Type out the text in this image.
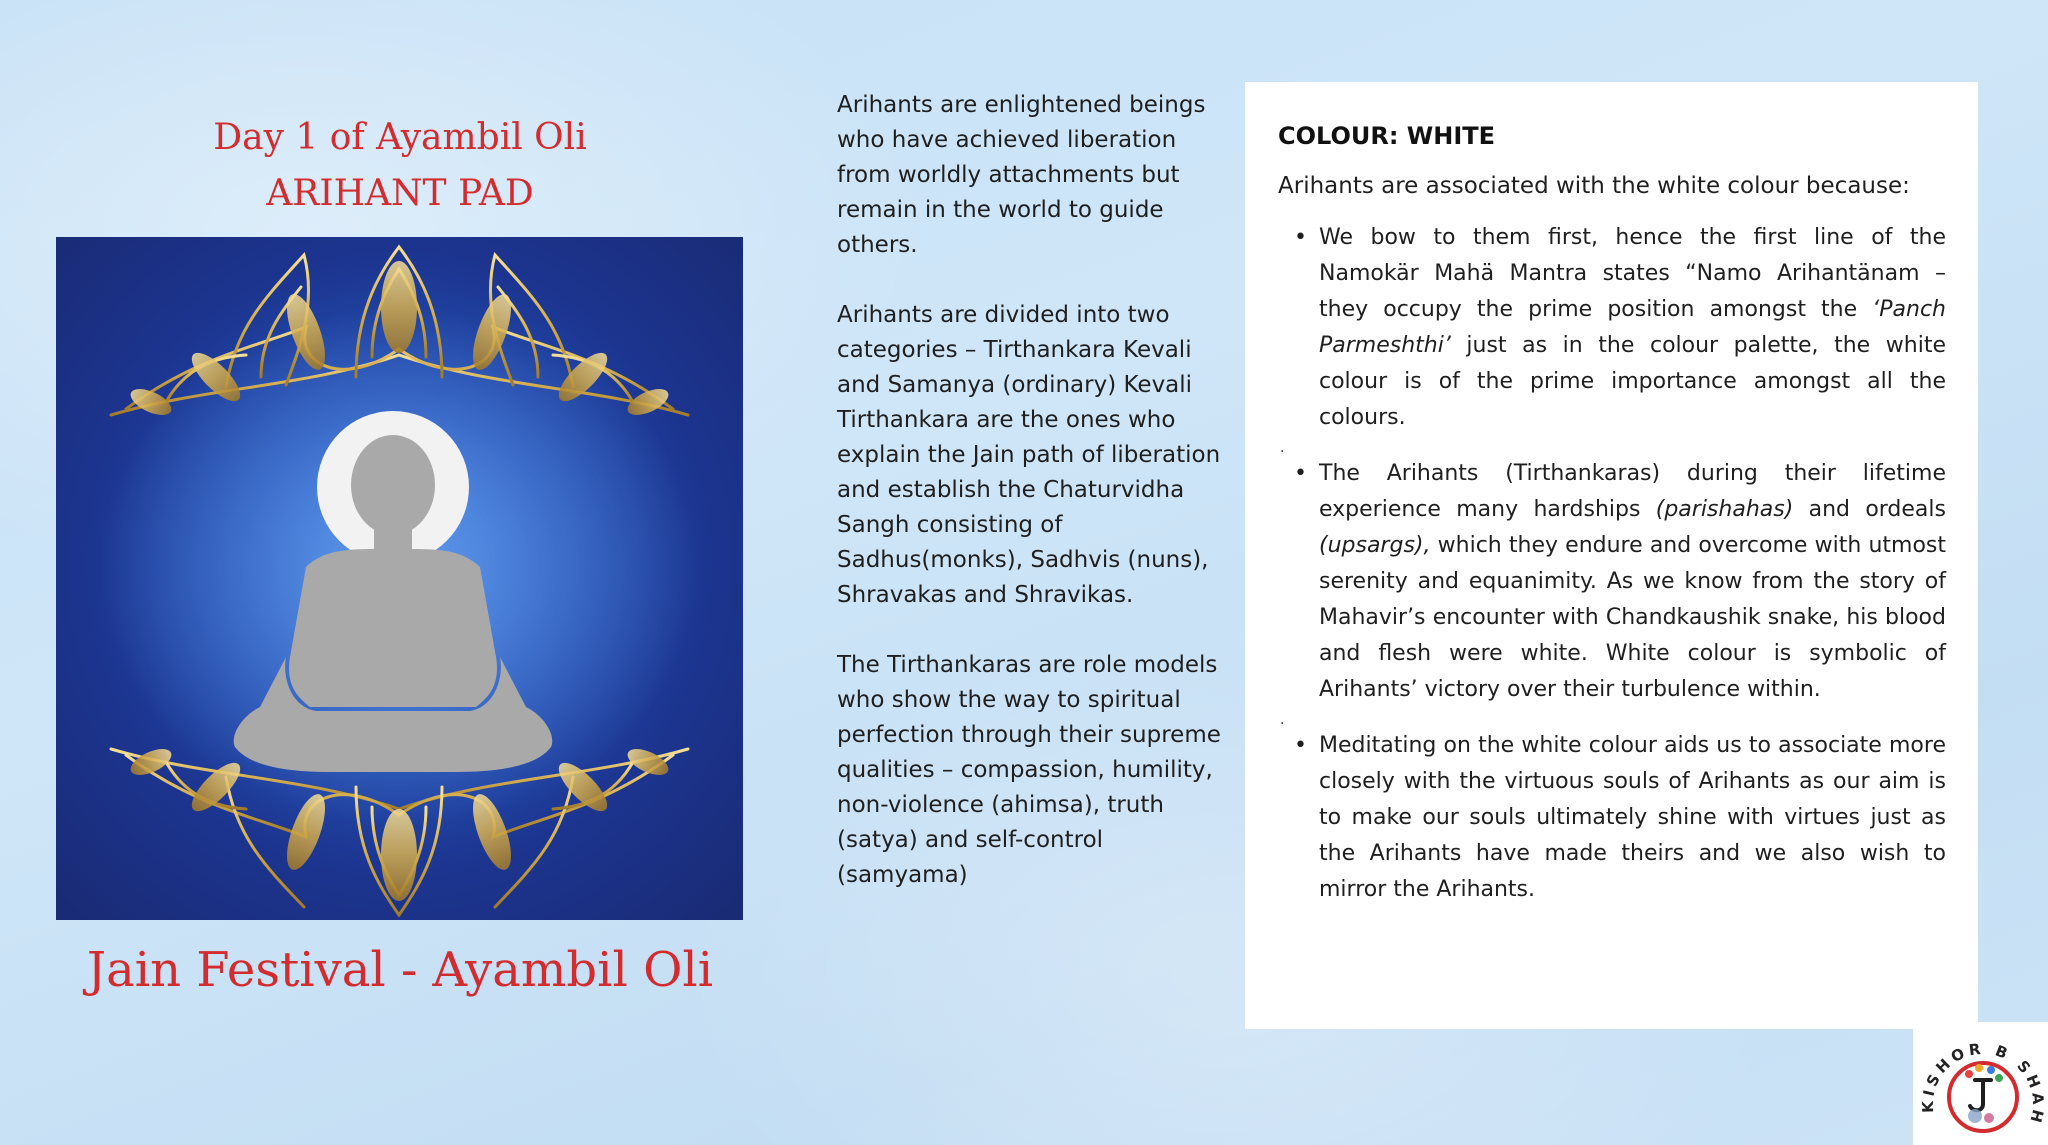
Day 1 of Ayambil Oli
ARIHANT PAD
Jain Festival - Ayambil Oli

Arihants are enlightened beings who have achieved liberation from worldly attachments but remain in the world to guide others.

Arihants are divided into two categories – Tirthankara Kevali and Samanya (ordinary) Kevali Tirthankara are the ones who explain the Jain path of liberation and establish the Chaturvidha Sangh consisting of Sadhus(monks), Sadhvis (nuns), Shravakas and Shravikas.

The Tirthankaras are role models who show the way to spiritual perfection through their supreme qualities – compassion, humility, non-violence (ahimsa), truth (satya) and self-control (samyama)

COLOUR: WHITE
Arihants are associated with the white colour because:
• We bow to them first, hence the first line of the Namokär Mahä Mantra states “Namo Arihantänam – they occupy the prime position amongst the ‘Panch Parmeshthi’ just as in the colour palette, the white colour is of the prime importance amongst all the colours.
.
• The Arihants (Tirthankaras) during their lifetime experience many hardships (parishahas) and ordeals (upsargs), which they endure and overcome with utmost serenity and equanimity. As we know from the story of Mahavir’s encounter with Chandkaushik snake, his blood and flesh were white. White colour is symbolic of Arihants’ victory over their turbulence within.
.
• Meditating on the white colour aids us to associate more closely with the virtuous souls of Arihants as our aim is to make our souls ultimately shine with virtues just as the Arihants have made theirs and we also wish to mirror the Arihants.
KISHOR B SHAH
